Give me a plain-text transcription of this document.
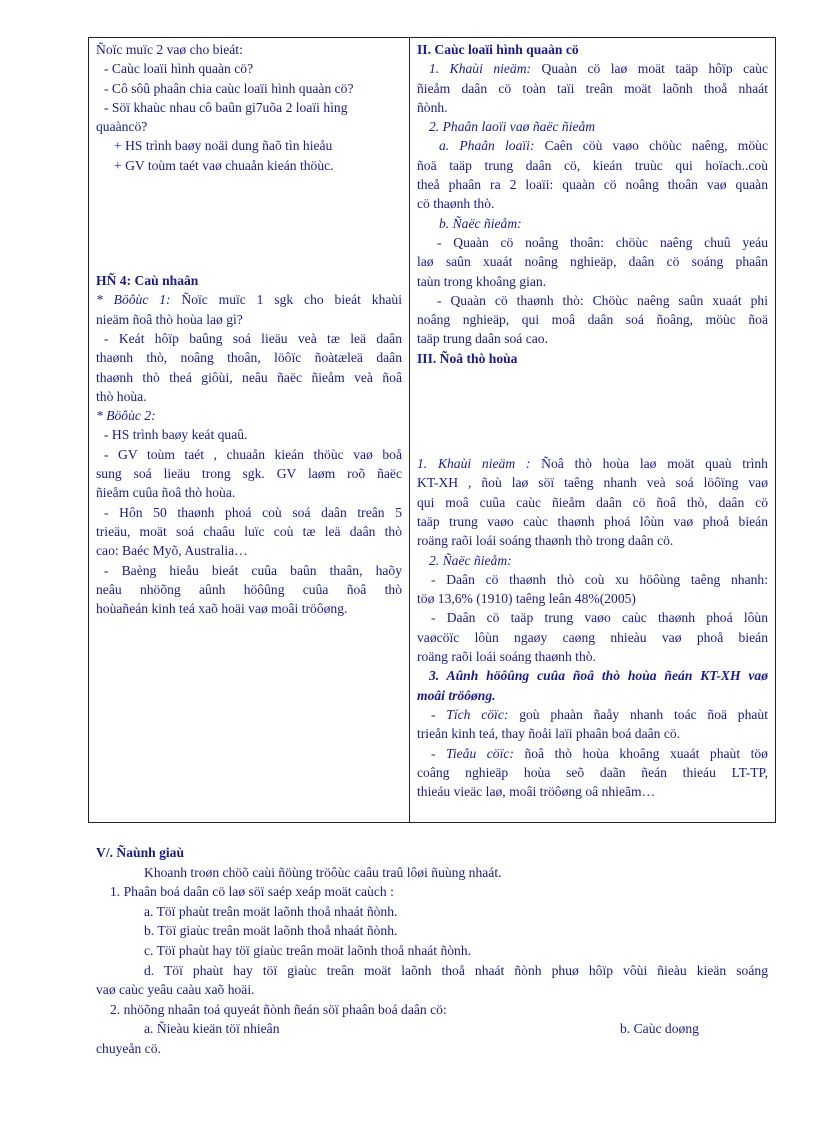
Ñoïc muïc 2 vaø cho bieát:
- Caùc loaïi hình quaàn cö?
- Cô sôû phaân chia caùc loaïi hình quaàn cö?
- Söï khaùc nhau cô baûn gi7uõa 2 loaïi hìng
quaàncö?
+ HS trình baøy noäi dung ñaõ tìn hieåu
+ GV toùm taét vaø chuaån kieán thöùc.
HÑ 4: Caù nhaân
* Böôùc 1: Ñoïc muïc 1 sgk cho bieát khaùi
nieäm ñoâ thò hoùa laø gì?
- Keát hôïp baûng soá lieäu veà tæ leä daân
thaønh thò, noâng thoân, löôïc ñoàtæleä daân
thaønh thò theá giôùi, neâu ñaëc ñieåm veà ñoâ
thò hoùa.
* Böôùc 2:
- HS trình baøy keát quaû.
- GV toùm taét , chuaån kieán thöùc vaø boå
sung soá lieäu trong sgk. GV laøm roõ ñaëc
ñieåm cuûa ñoâ thò hoùa.
- Hôn 50 thaønh phoá coù soá daân treân 5
trieäu, moät soá chaâu luïc coù tæ leä daân thò
cao: Baéc Myõ, Australia…
- Baèng hieåu bieát cuûa baûn thaân, haõy
neâu nhöõng aûnh höôûng cuûa ñoâ thò
hoùañeán kinh teá xaõ hoäi vaø moâi tröôøng.

II. Caùc loaïi hình quaàn cö
1. Khaùi nieäm: Quaàn cö laø moät taäp hôïp caùc
ñieåm daân cö toàn taïi treân moät laõnh thoå nhaát
ñònh.
2. Phaân laoïi vaø ñaëc ñieåm
a. Phaân loaïi: Caên cöù vaøo chöùc naêng, möùc
ñoä taäp trung daân cö, kieán truùc qui hoïach..coù
theå phaân ra 2 loaïi: quaàn cö noâng thoân vaø quaàn
cö thaønh thò.
b. Ñaëc ñieåm:
- Quaàn cö noâng thoân: chöùc naêng chuû yeáu
laø saûn xuaát noâng nghieäp, daân cö soáng phaân
taùn trong khoâng gian.
- Quaàn cö thaønh thò: Chöùc naêng saûn xuaát phi
noâng nghieäp, qui moâ daân soá ñoâng, möùc ñoä
taäp trung daân soá cao.
III. Ñoâ thò hoùa
1. Khaùi nieäm : Ñoâ thò hoùa laø moät quaù trình
KT-XH , ñoù laø söï taêng nhanh veà soá löôïng vaø
qui moâ cuûa caùc ñieåm daân cö ñoâ thò, daân cö
taäp trung vaøo caùc thaønh phoá lôùn vaø phoå bieán
roäng raõi loái soáng thaønh thò trong daân cö.
2. Ñaëc ñieåm:
- Daân cö thaønh thò coù xu höôùng taêng nhanh:
töø 13,6% (1910) taêng leân 48%(2005)
- Daân cö taäp trung vaøo caùc thaønh phoá lôùn
vaøcöïc lôùn ngaøy caøng nhieàu vaø phoå bieán
roäng raõi loái soáng thaønh thò.
3. Aûnh höôûng cuûa ñoâ thò hoùa ñeán KT-XH vaø
moâi tröôøng.
- Tích cöïc: goù phaàn ñaåy nhanh toác ñoä phaùt
trieån kinh teá, thay ñoåi laïi phaân boá daân cö.
- Tieâu cöïc: ñoâ thò hoùa khoâng xuaát phaùt töø
coâng nghieäp hoùa seõ daãn ñeán thieáu LT-TP,
thieáu vieäc laø, moâi tröôøng oâ nhieãm…
V/. Ñaùnh giaù
Khoanh troøn chöõ caùi ñöùng tröôùc caâu traû lôøi ñuùng nhaát.
1. Phaân boá daân cö laø söï saép xeáp moät caùch :
a. Töï phaùt treân moät laõnh thoå nhaát ñònh.
b. Töï giaùc treân moät laõnh thoå nhaát ñònh.
c. Töï phaùt hay töï giaùc treân moät laõnh thoå nhaát ñònh.
d. Töï phaùt hay töï giaùc treân moät laõnh thoå nhaát ñònh phuø hôïp vôùi ñieàu kieän soáng
vaø caùc yeâu caàu xaõ hoäi.
2. nhöõng nhaân toá quyeát ñònh ñeán söï phaân boá daân cö:
a. Ñieàu kieän töï nhieân	b. Caùc doøng
chuyeån cö.
